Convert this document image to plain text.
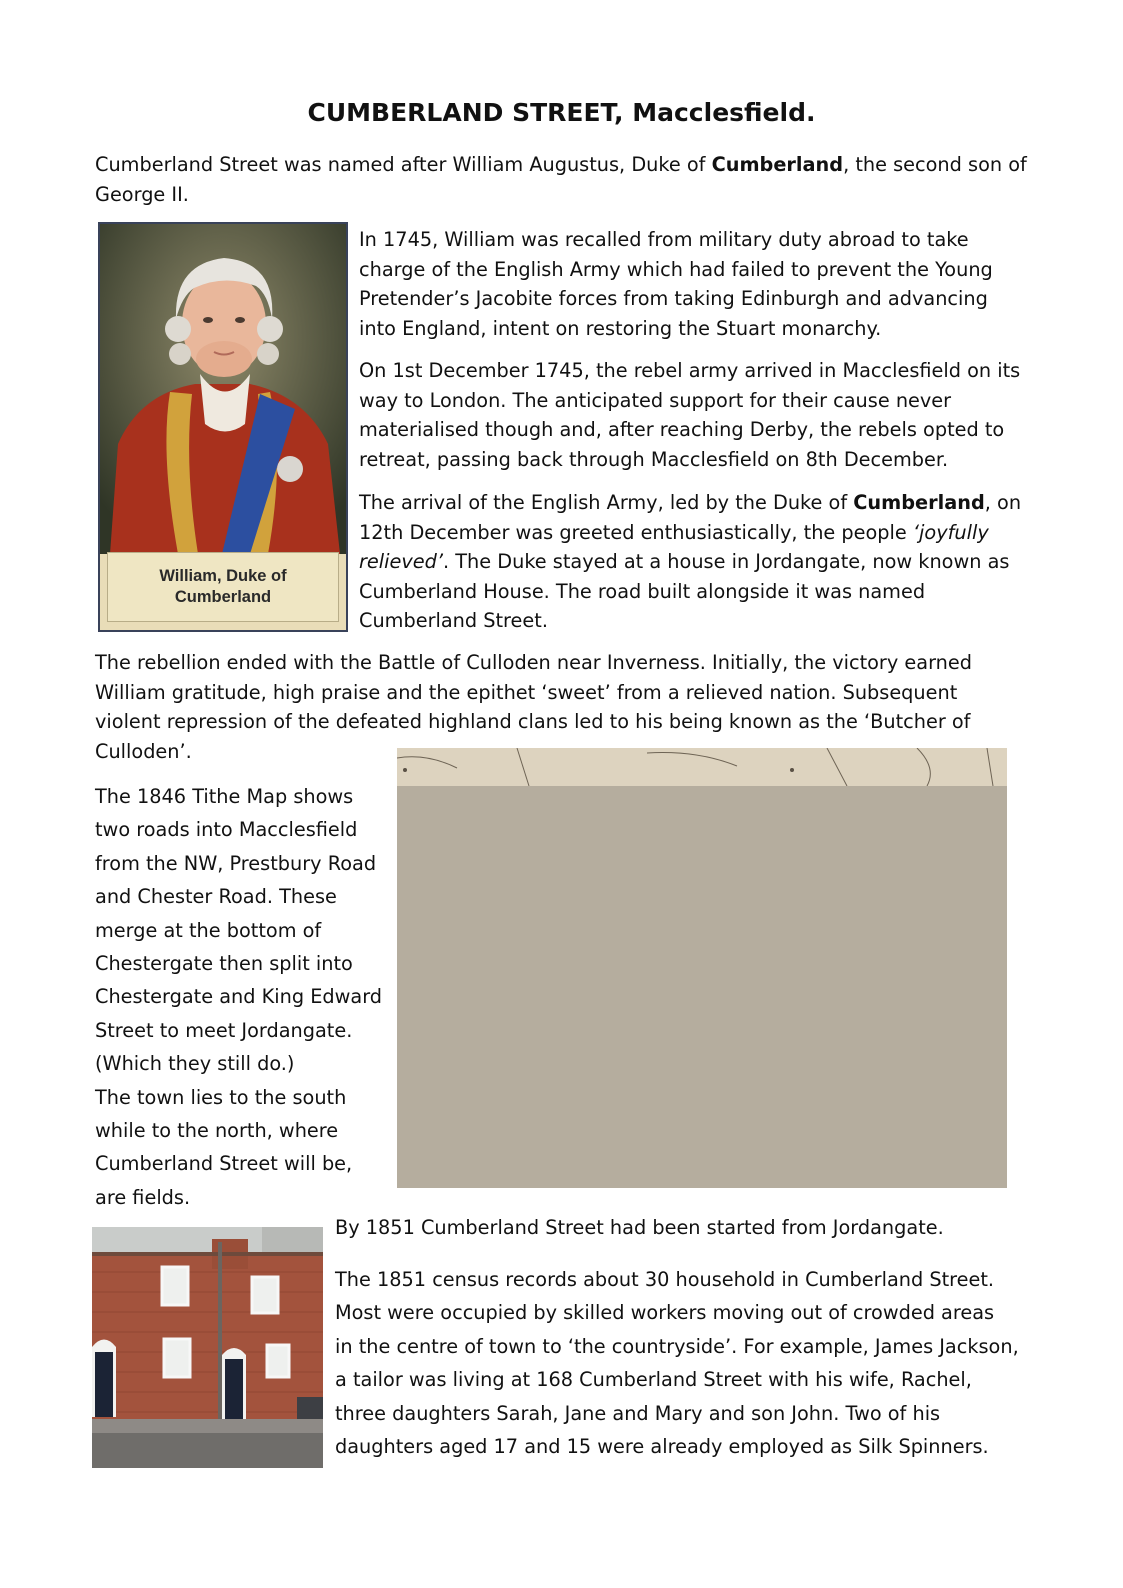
CUMBERLAND STREET, Macclesfield.

Cumberland Street was named after William Augustus, Duke of Cumberland, the second son of George II.

William, Duke of
Cumberland

In 1745, William was recalled from military duty abroad to take charge of the English Army which had failed to prevent the Young Pretender’s Jacobite forces from taking Edinburgh and advancing into England, intent on restoring the Stuart monarchy.

On 1st December 1745, the rebel army arrived in Macclesfield on its way to London. The anticipated support for their cause never materialised though and, after reaching Derby, the rebels opted to retreat, passing back through Macclesfield on 8th December.

The arrival of the English Army, led by the Duke of Cumberland, on 12th December was greeted enthusiastically, the people ‘joyfully relieved’. The Duke stayed at a house in Jordangate, now known as Cumberland House. The road built alongside it was named Cumberland Street.

The rebellion ended with the Battle of Culloden near Inverness. Initially, the victory earned William gratitude, high praise and the epithet ‘sweet’ from a relieved nation. Subsequent violent repression of the defeated highland clans led to his being known as the ‘Butcher of Culloden’.

The 1846 Tithe Map shows

two roads into Macclesfield

from the NW, Prestbury Road

and Chester Road. These

merge at the bottom of

Chestergate then split into

Chestergate and King Edward

Street to meet Jordangate.

(Which they still do.)

The town lies to the south

while to the north, where

Cumberland Street will be,

are fields.

By 1851 Cumberland Street had been started from Jordangate.

The 1851 census records about 30 household in Cumberland Street.

Most were occupied by skilled workers moving out of crowded areas

in the centre of town to ‘the countryside’. For example, James Jackson,

a tailor was living at 168 Cumberland Street with his wife, Rachel,

three daughters Sarah, Jane and Mary and son John. Two of his

daughters aged 17 and 15 were already employed as Silk Spinners.
